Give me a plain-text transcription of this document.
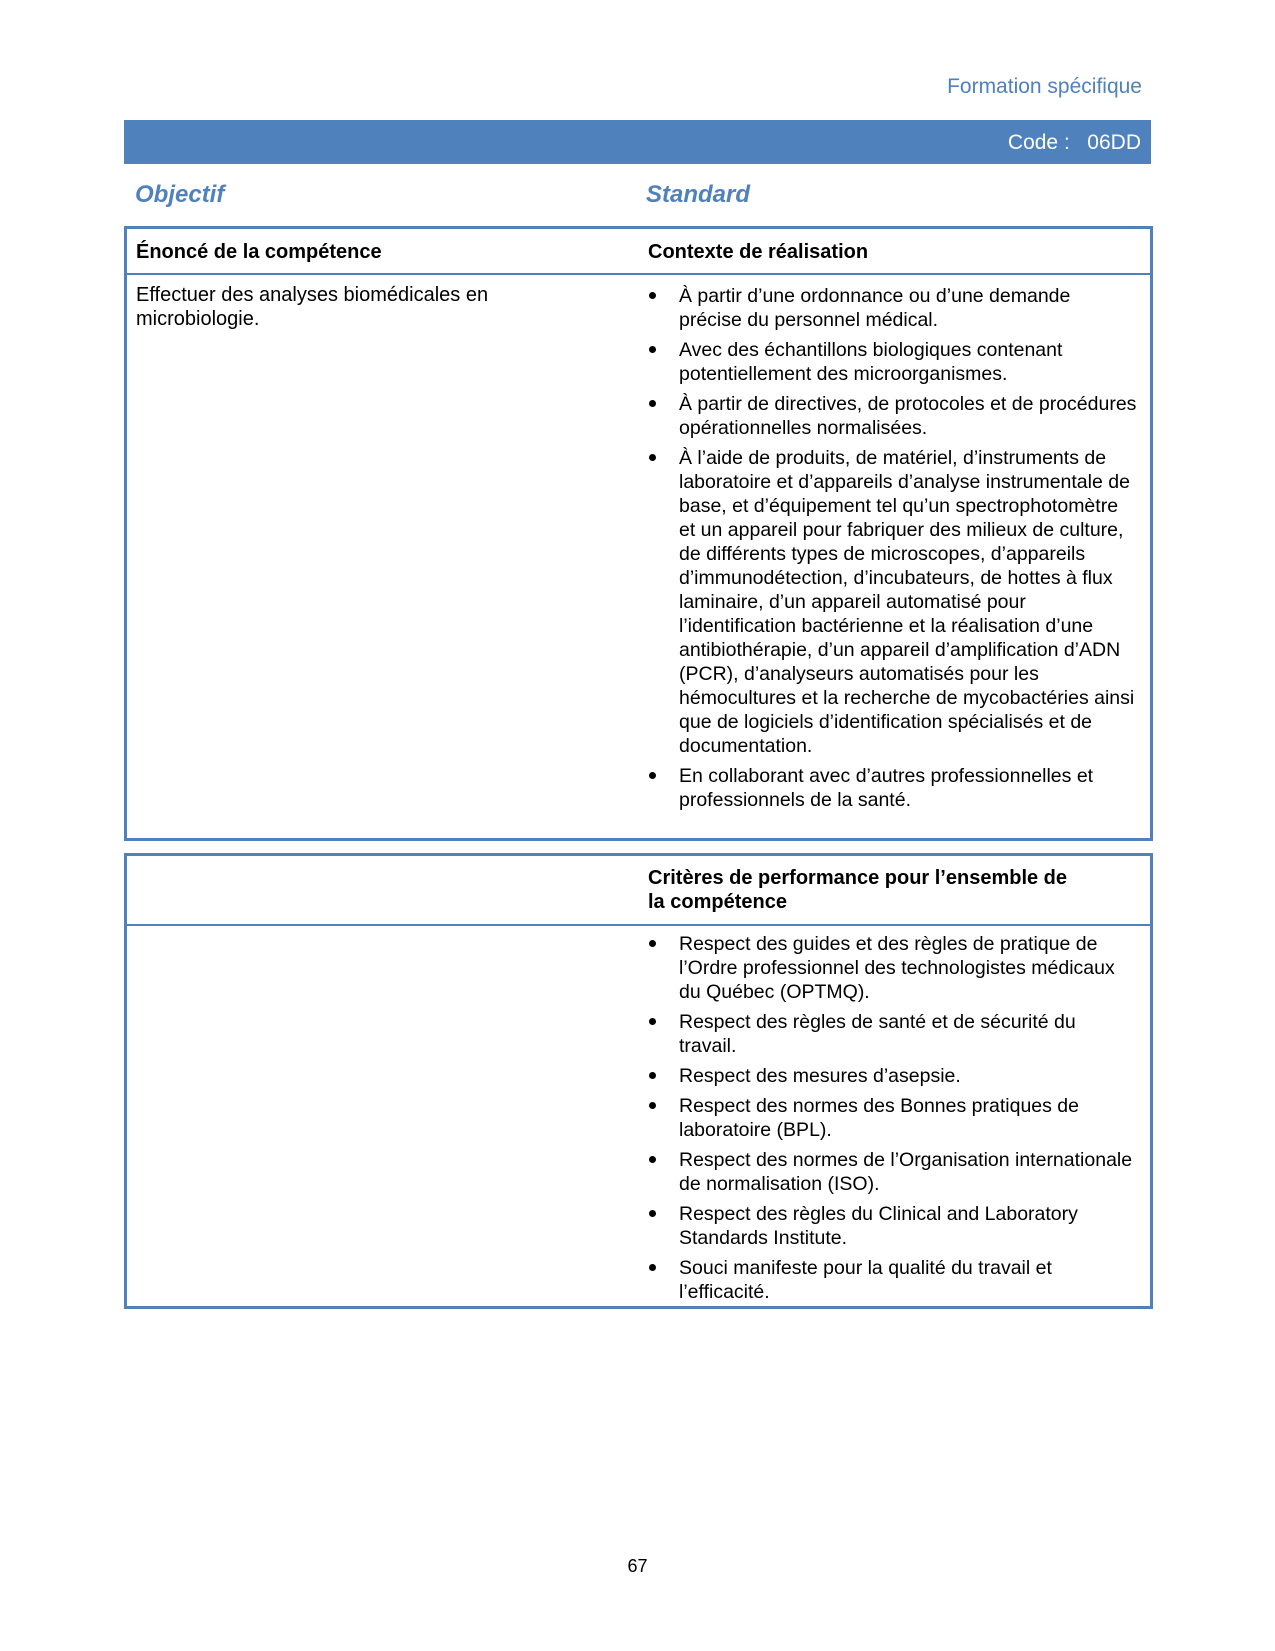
Formation spécifique
Code : 06DD
Objectif	Standard
Énoncé de la compétence	Contexte de réalisation
Effectuer des analyses biomédicales en microbiologie.
À partir d’une ordonnance ou d’une demande précise du personnel médical.
Avec des échantillons biologiques contenant potentiellement des microorganismes.
À partir de directives, de protocoles et de procédures opérationnelles normalisées.
À l’aide de produits, de matériel, d’instruments de laboratoire et d’appareils d’analyse instrumentale de base, et d’équipement tel qu’un spectrophotomètre et un appareil pour fabriquer des milieux de culture, de différents types de microscopes, d’appareils d’immunodétection, d’incubateurs, de hottes à flux laminaire, d’un appareil automatisé pour l’identification bactérienne et la réalisation d’une antibiothérapie, d’un appareil d’amplification d’ADN (PCR), d’analyseurs automatisés pour les hémocultures et la recherche de mycobactéries ainsi que de logiciels d’identification spécialisés et de documentation.
En collaborant avec d’autres professionnelles et professionnels de la santé.
Critères de performance pour l’ensemble de la compétence
Respect des guides et des règles de pratique de l’Ordre professionnel des technologistes médicaux du Québec (OPTMQ).
Respect des règles de santé et de sécurité du travail.
Respect des mesures d’asepsie.
Respect des normes des Bonnes pratiques de laboratoire (BPL).
Respect des normes de l’Organisation internationale de normalisation (ISO).
Respect des règles du Clinical and Laboratory Standards Institute.
Souci manifeste pour la qualité du travail et l’efficacité.
67
